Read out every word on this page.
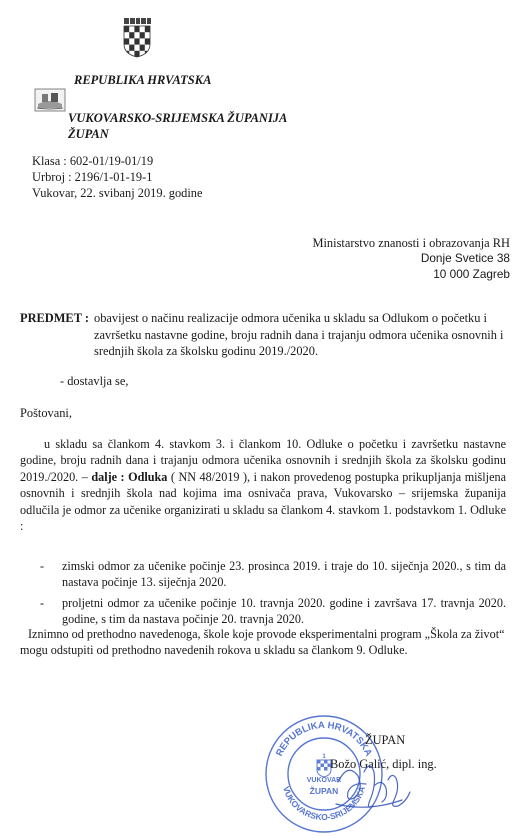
REPUBLIKA HRVATSKA
VUKOVARSKO-SRIJEMSKA ŽUPANIJA
ŽUPAN
Klasa : 602-01/19-01/19
Urbroj : 2196/1-01-19-1
Vukovar, 22. svibanj 2019. godine
Ministarstvo znanosti i obrazovanja RH
Donje Svetice 38
10 000 Zagreb
PREDMET : obavijest o načinu realizacije odmora učenika u skladu sa Odlukom o početku i završetku nastavne godine, broju radnih dana i trajanju odmora učenika osnovnih i srednjih škola za školsku godinu 2019./2020.
- dostavlja se,
Poštovani,
u skladu sa člankom 4. stavkom 3. i člankom 10. Odluke o početku i završetku nastavne godine, broju radnih dana i trajanju odmora učenika osnovnih i srednjih škola za školsku godinu 2019./2020. – dalje : Odluka ( NN 48/2019 ), i nakon provedenog postupka prikupljanja mišljena osnovnih i srednjih škola nad kojima ima osnivača prava, Vukovarsko – srijemska županija odlučila je odmor za učenike organizirati u skladu sa člankom 4. stavkom 1. podstavkom 1. Odluke :
- zimski odmor za učenike počinje 23. prosinca 2019. i traje do 10. siječnja 2020., s tim da nastava počinje 13. siječnja 2020.
- proljetni odmor za učenike počinje 10. travnja 2020. godine i završava 17. travnja 2020. godine, s tim da nastava počinje 20. travnja 2020.
Iznimno od prethodno navedenoga, škole koje provode eksperimentalni program „Škola za život“ mogu odstupiti od prethodno navedenih rokova u skladu sa člankom 9. Odluke.
REPUBLIKA HRVATSKA
VUKOVARSKO-SRIJEMSKA
1
VUKOVAR
ŽUPAN
ŽUPAN
Božo Galić, dipl. ing.
